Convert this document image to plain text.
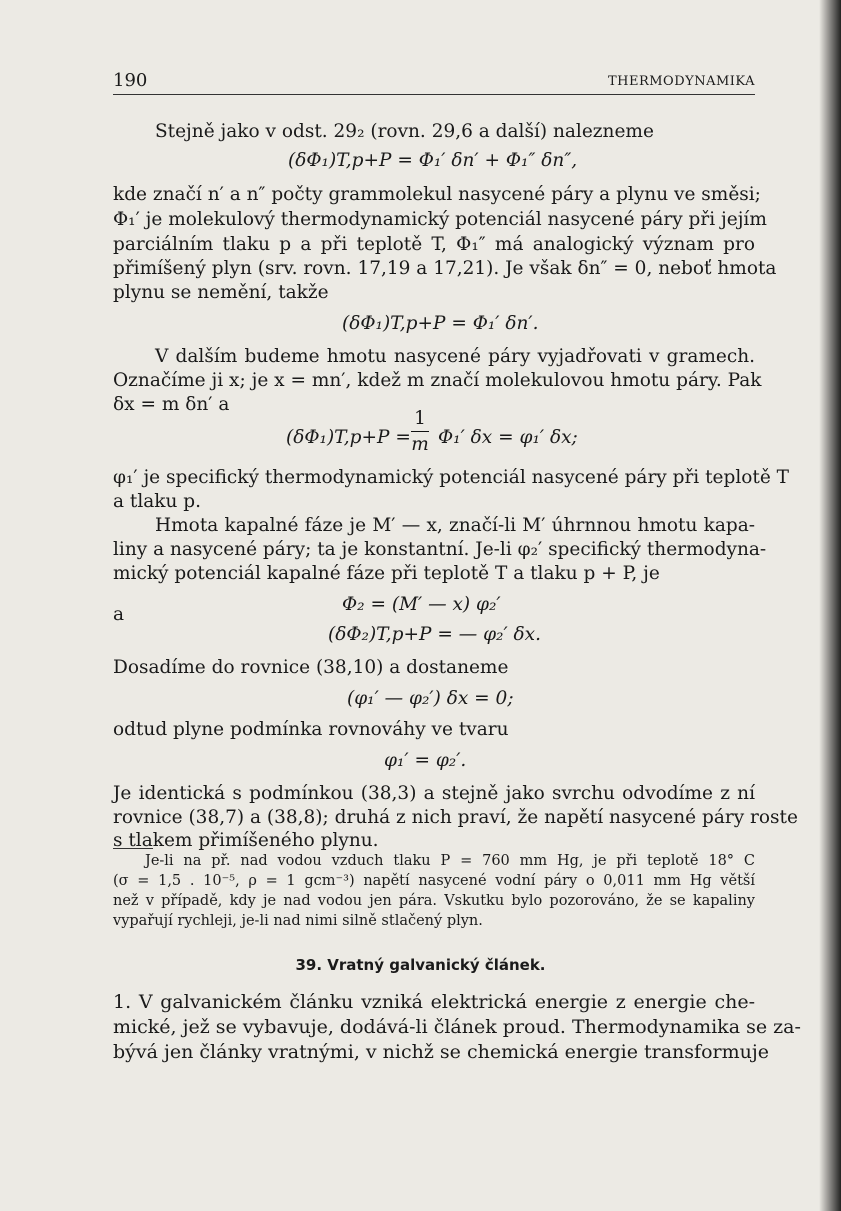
190	THERMODYNAMIKA
Stejně jako v odst. 29₂ (rovn. 29,6 a další) nalezneme
(δΦ₁)T,p+P = Φ₁′ δn′ + Φ₁″ δn″,
kde značí n′ a n″ počty grammolekul nasycené páry a plynu ve směsi;
Φ₁′ je molekulový thermodynamický potenciál nasycené páry při jejím
parciálním tlaku p a při teplotě T, Φ₁″ má analogický význam pro
přimíšený plyn (srv. rovn. 17,19 a 17,21). Je však δn″ = 0, neboť hmota
plynu se nemění, takže
(δΦ₁)T,p+P = Φ₁′ δn′.
V dalším budeme hmotu nasycené páry vyjadřovati v gramech.
Označíme ji x; je x = mn′, kdež m značí molekulovou hmotu páry. Pak
δx = m δn′ a
(δΦ₁)T,p+P =
1
m Φ₁′ δx = φ₁′ δx;
φ₁′ je specifický thermodynamický potenciál nasycené páry při teplotě T
a tlaku p.
Hmota kapalné fáze je M′ — x, značí-li M′ úhrnnou hmotu kapa-
liny a nasycené páry; ta je konstantní. Je-li φ₂′ specifický thermodyna-
mický potenciál kapalné fáze při teplotě T a tlaku p + P, je
Φ₂ = (M′ — x) φ₂′
a
(δΦ₂)T,p+P = — φ₂′ δx.
Dosadíme do rovnice (38,10) a dostaneme
(φ₁′ — φ₂′) δx = 0;
odtud plyne podmínka rovnováhy ve tvaru
φ₁′ = φ₂′.
Je identická s podmínkou (38,3) a stejně jako svrchu odvodíme z ní
rovnice (38,7) a (38,8); druhá z nich praví, že napětí nasycené páry roste
s tlakem přimíšeného plynu.
Je-li na př. nad vodou vzduch tlaku P = 760 mm Hg, je při teplotě 18° C
(σ = 1,5 . 10⁻⁵, ρ = 1 gcm⁻³) napětí nasycené vodní páry o 0,011 mm Hg větší
než v případě, kdy je nad vodou jen pára. Vskutku bylo pozorováno, že se kapaliny
vypařují rychleji, je-li nad nimi silně stlačený plyn.
39. Vratný galvanický článek.
1. V galvanickém článku vzniká elektrická energie z energie che-
mické, jež se vybavuje, dodává-li článek proud. Thermodynamika se za-
bývá jen články vratnými, v nichž se chemická energie transformuje
